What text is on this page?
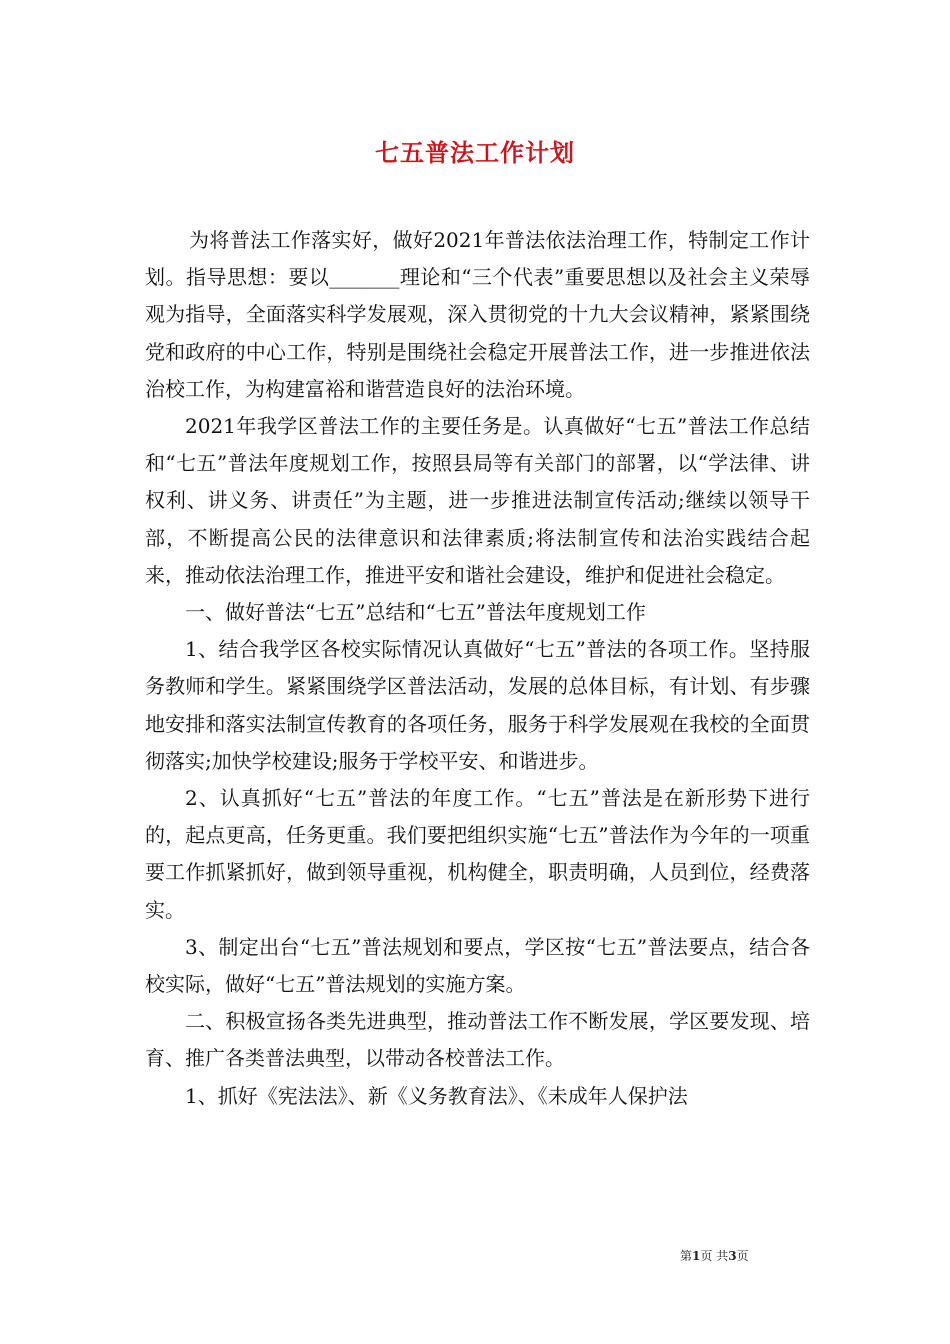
七五普法工作计划

为将普法工作落实好，做好2021年普法依法治理工作，特制定工作计划。指导思想：要以_______理论和“三个代表”重要思想以及社会主义荣辱观为指导，全面落实科学发展观，深入贯彻党的十九大会议精神，紧紧围绕党和政府的中心工作，特别是围绕社会稳定开展普法工作，进一步推进依法治校工作，为构建富裕和谐营造良好的法治环境。

2021年我学区普法工作的主要任务是。认真做好“七五”普法工作总结和“七五”普法年度规划工作，按照县局等有关部门的部署，以“学法律、讲权利、讲义务、讲责任”为主题，进一步推进法制宣传活动;继续以领导干部，不断提高公民的法律意识和法律素质;将法制宣传和法治实践结合起来，推动依法治理工作，推进平安和谐社会建设，维护和促进社会稳定。

一、做好普法“七五”总结和“七五”普法年度规划工作

1、结合我学区各校实际情况认真做好“七五”普法的各项工作。坚持服务教师和学生。紧紧围绕学区普法活动，发展的总体目标，有计划、有步骤地安排和落实法制宣传教育的各项任务，服务于科学发展观在我校的全面贯彻落实;加快学校建设;服务于学校平安、和谐进步。

2、认真抓好“七五”普法的年度工作。“七五”普法是在新形势下进行的，起点更高，任务更重。我们要把组织实施“七五”普法作为今年的一项重要工作抓紧抓好，做到领导重视，机构健全，职责明确，人员到位，经费落实。

3、制定出台“七五”普法规划和要点，学区按“七五”普法要点，结合各校实际，做好“七五”普法规划的实施方案。

二、积极宣扬各类先进典型，推动普法工作不断发展，学区要发现、培育、推广各类普法典型，以带动各校普法工作。

1、抓好《宪法法》、新《义务教育法》、《未成年人保护法

第1页 共3页
